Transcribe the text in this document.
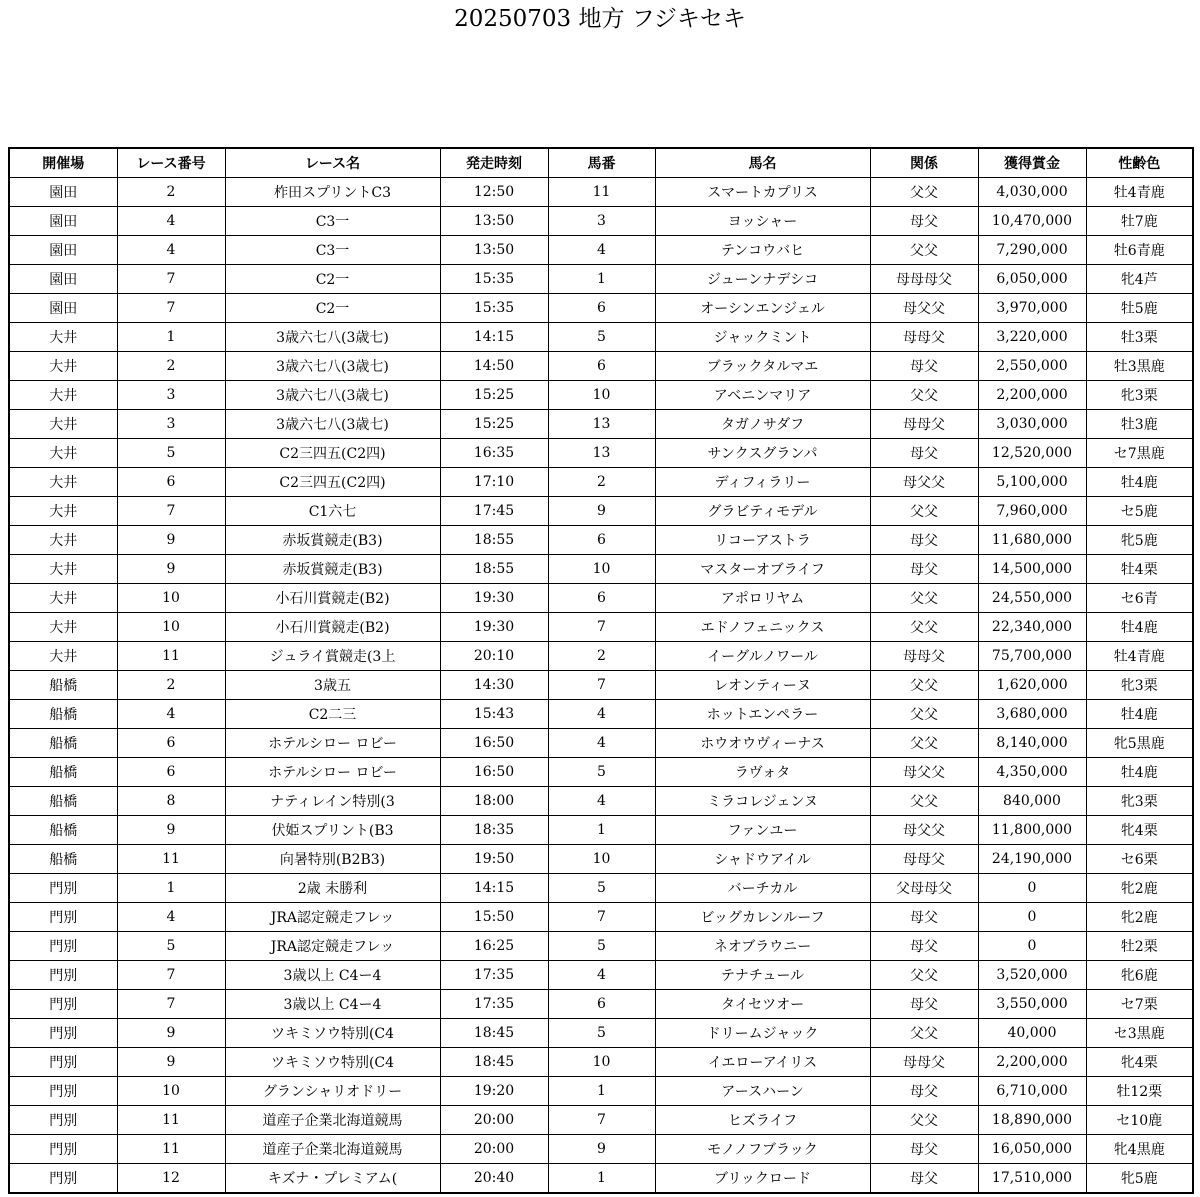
20250703 地方 フジキセキ
開催場	レース番号	レース名	発走時刻	馬番	馬名	関係	獲得賞金	性齢色
園田	2	柞田スプリントC3	12:50	11	スマートカプリス	父父	4,030,000	牡4青鹿
園田	4	C3一	13:50	3	ヨッシャー	母父	10,470,000	牡7鹿
園田	4	C3一	13:50	4	テンコウバヒ	父父	7,290,000	牡6青鹿
園田	7	C2一	15:35	1	ジューンナデシコ	母母母父	6,050,000	牝4芦
園田	7	C2一	15:35	6	オーシンエンジェル	母父父	3,970,000	牡5鹿
大井	1	3歳六七八(3歳七)	14:15	5	ジャックミント	母母父	3,220,000	牡3栗
大井	2	3歳六七八(3歳七)	14:50	6	ブラックタルマエ	母父	2,550,000	牡3黒鹿
大井	3	3歳六七八(3歳七)	15:25	10	アベニンマリア	父父	2,200,000	牝3栗
大井	3	3歳六七八(3歳七)	15:25	13	タガノサダフ	母母父	3,030,000	牡3鹿
大井	5	C2三四五(C2四)	16:35	13	サンクスグランパ	母父	12,520,000	セ7黒鹿
大井	6	C2三四五(C2四)	17:10	2	ディフィラリー	母父父	5,100,000	牡4鹿
大井	7	C1六七	17:45	9	グラビティモデル	父父	7,960,000	セ5鹿
大井	9	赤坂賞競走(B3)	18:55	6	リコーアストラ	母父	11,680,000	牝5鹿
大井	9	赤坂賞競走(B3)	18:55	10	マスターオブライフ	母父	14,500,000	牡4栗
大井	10	小石川賞競走(B2)	19:30	6	アポロリヤム	父父	24,550,000	セ6青
大井	10	小石川賞競走(B2)	19:30	7	エドノフェニックス	父父	22,340,000	牡4鹿
大井	11	ジュライ賞競走(3上	20:10	2	イーグルノワール	母母父	75,700,000	牡4青鹿
船橋	2	3歳五	14:30	7	レオンティーヌ	父父	1,620,000	牝3栗
船橋	4	C2二三	15:43	4	ホットエンペラー	父父	3,680,000	牡4鹿
船橋	6	ホテルシロー ロビー	16:50	4	ホウオウヴィーナス	父父	8,140,000	牝5黒鹿
船橋	6	ホテルシロー ロビー	16:50	5	ラヴォタ	母父父	4,350,000	牡4鹿
船橋	8	ナティレイン特別(3	18:00	4	ミラコレジェンヌ	父父	840,000	牝3栗
船橋	9	伏姫スプリント(B3	18:35	1	ファンユー	母父父	11,800,000	牝4栗
船橋	11	向暑特別(B2B3)	19:50	10	シャドウアイル	母母父	24,190,000	セ6栗
門別	1	2歳 未勝利	14:15	5	バーチカル	父母母父	0	牝2鹿
門別	4	JRA認定競走フレッ	15:50	7	ビッグカレンルーフ	母父	0	牝2鹿
門別	5	JRA認定競走フレッ	16:25	5	ネオブラウニー	母父	0	牡2栗
門別	7	3歳以上 C4ー4	17:35	4	テナチュール	父父	3,520,000	牝6鹿
門別	7	3歳以上 C4ー4	17:35	6	タイセツオー	母父	3,550,000	セ7栗
門別	9	ツキミソウ特別(C4	18:45	5	ドリームジャック	父父	40,000	セ3黒鹿
門別	9	ツキミソウ特別(C4	18:45	10	イエローアイリス	母母父	2,200,000	牝4栗
門別	10	グランシャリオドリー	19:20	1	アースハーン	母父	6,710,000	牡12栗
門別	11	道産子企業北海道競馬	20:00	7	ヒズライフ	父父	18,890,000	セ10鹿
門別	11	道産子企業北海道競馬	20:00	9	モノノフブラック	母父	16,050,000	牝4黒鹿
門別	12	キズナ・プレミアム(	20:40	1	ブリックロード	母父	17,510,000	牝5鹿
